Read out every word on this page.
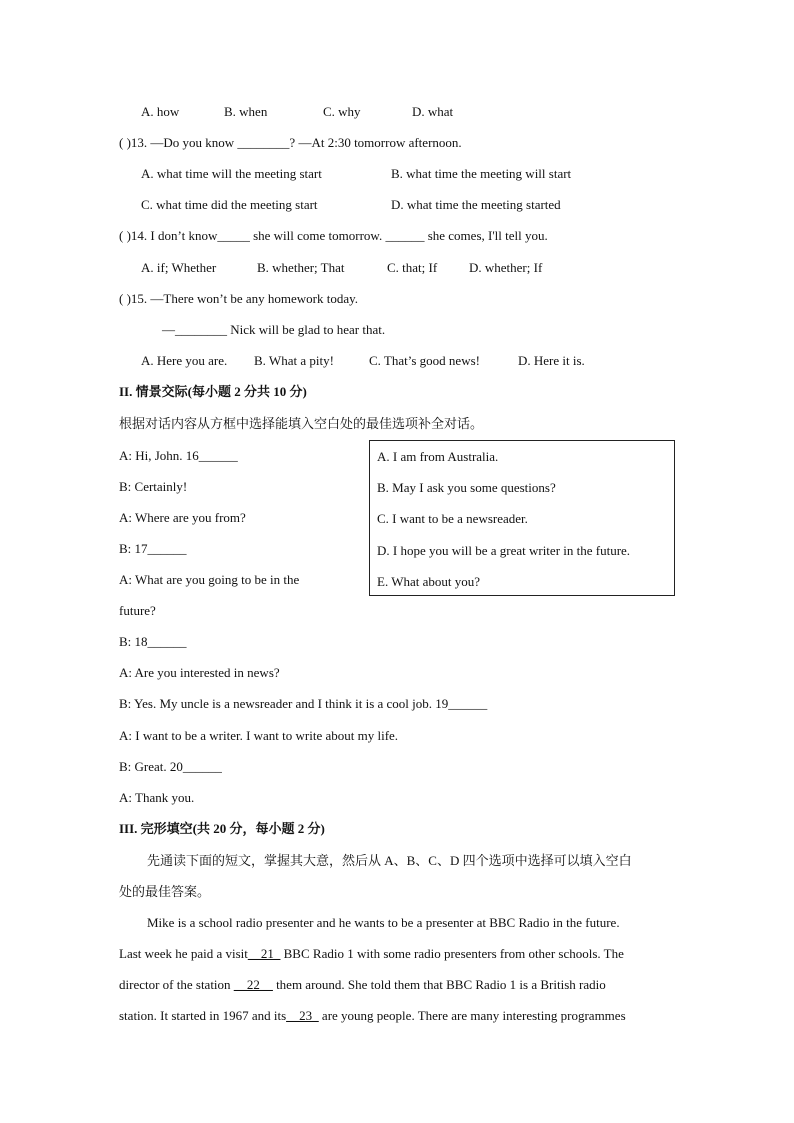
A. how	B. when	C. why	D. what
( )13. —Do you know ________? —At 2:30 tomorrow afternoon.
A. what time will the meeting start	B. what time the meeting will start
C. what time did the meeting start	D. what time the meeting started
( )14. I don’t know_____ she will come tomorrow. ______ she comes, I'll tell you.
A. if; Whether	B. whether; That	C. that; If D. whether; If
( )15. —There won’t be any homework today.
—________ Nick will be glad to hear that.
A. Here you are. B. What a pity!	C. That’s good news!	D. Here it is.
II. 情景交际(每小题 2 分共 10 分)
根据对话内容从方框中选择能填入空白处的最佳选项补全对话。
A: Hi, John. 16______
B: Certainly!
A: Where are you from?
B: 17______
A: What are you going to be in the
future?
B: 18______
A: Are you interested in news?
B: Yes. My uncle is a newsreader and I think it is a cool job. 19______
A: I want to be a writer. I want to write about my life.
B: Great. 20______
A: Thank you.
A. I am from Australia.
B. May I ask you some questions?
C. I want to be a newsreader.
D. I hope you will be a great writer in the future.
E. What about you?
III. 完形填空(共 20 分，每小题 2 分)
先通读下面的短文，掌握其大意，然后从 A、B、C、D 四个选项中选择可以填入空白
处的最佳答案。
Mike is a school radio presenter and he wants to be a presenter at BBC Radio in the future.
Last week he paid a visit__21_ BBC Radio 1 with some radio presenters from other schools. The
director of the station __22__ them around. She told them that BBC Radio 1 is a British radio
station. It started in 1967 and its__23_ are young people. There are many interesting programmes
